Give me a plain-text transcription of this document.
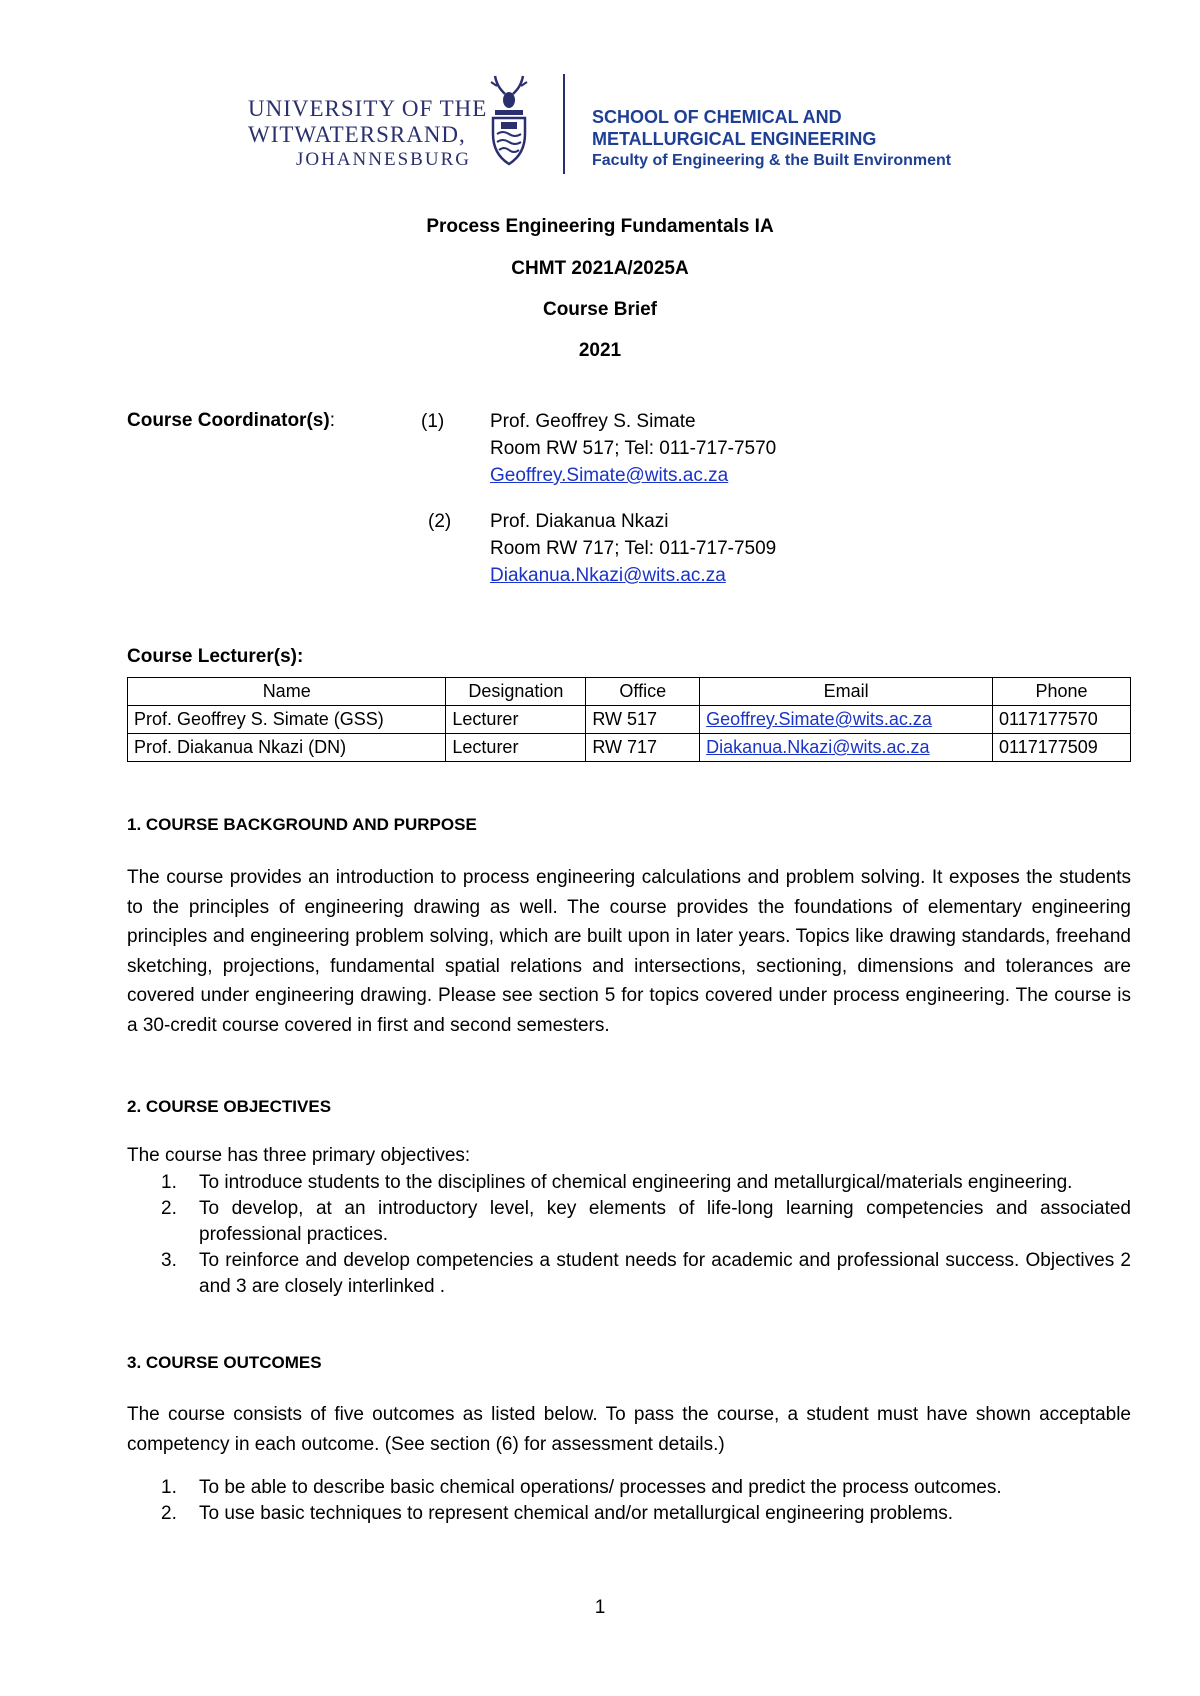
UNIVERSITY OF THE
WITWATERSRAND,
JOHANNESBURG
SCHOOL OF CHEMICAL AND
METALLURGICAL ENGINEERING
Faculty of Engineering & the Built Environment
Process Engineering Fundamentals IA
CHMT 2021A/2025A
Course Brief
2021
Course Coordinator(s):	(1) Prof. Geoffrey S. Simate
Room RW 517; Tel: 011-717-7570
Geoffrey.Simate@wits.ac.za
(2) Prof. Diakanua Nkazi
Room RW 717; Tel: 011-717-7509
Diakanua.Nkazi@wits.ac.za
Course Lecturer(s):
Name	Designation	Office	Email	Phone
Prof. Geoffrey S. Simate (GSS)	Lecturer	RW 517	Geoffrey.Simate@wits.ac.za	0117177570
Prof. Diakanua Nkazi (DN)	Lecturer	RW 717	Diakanua.Nkazi@wits.ac.za	0117177509
1. COURSE BACKGROUND AND PURPOSE
The course provides an introduction to process engineering calculations and problem solving. It exposes the students to the principles of engineering drawing as well. The course provides the foundations of elementary engineering principles and engineering problem solving, which are built upon in later years. Topics like drawing standards, freehand sketching, projections, fundamental spatial relations and intersections, sectioning, dimensions and tolerances are covered under engineering drawing. Please see section 5 for topics covered under process engineering. The course is a 30-credit course covered in first and second semesters.
2. COURSE OBJECTIVES
The course has three primary objectives:
1. To introduce students to the disciplines of chemical engineering and metallurgical/materials engineering.
2. To develop, at an introductory level, key elements of life-long learning competencies and associated professional practices.
3. To reinforce and develop competencies a student needs for academic and professional success. Objectives 2 and 3 are closely interlinked .
3. COURSE OUTCOMES
The course consists of five outcomes as listed below. To pass the course, a student must have shown acceptable competency in each outcome. (See section (6) for assessment details.)
1. To be able to describe basic chemical operations/ processes and predict the process outcomes.
2. To use basic techniques to represent chemical and/or metallurgical engineering problems.
1
